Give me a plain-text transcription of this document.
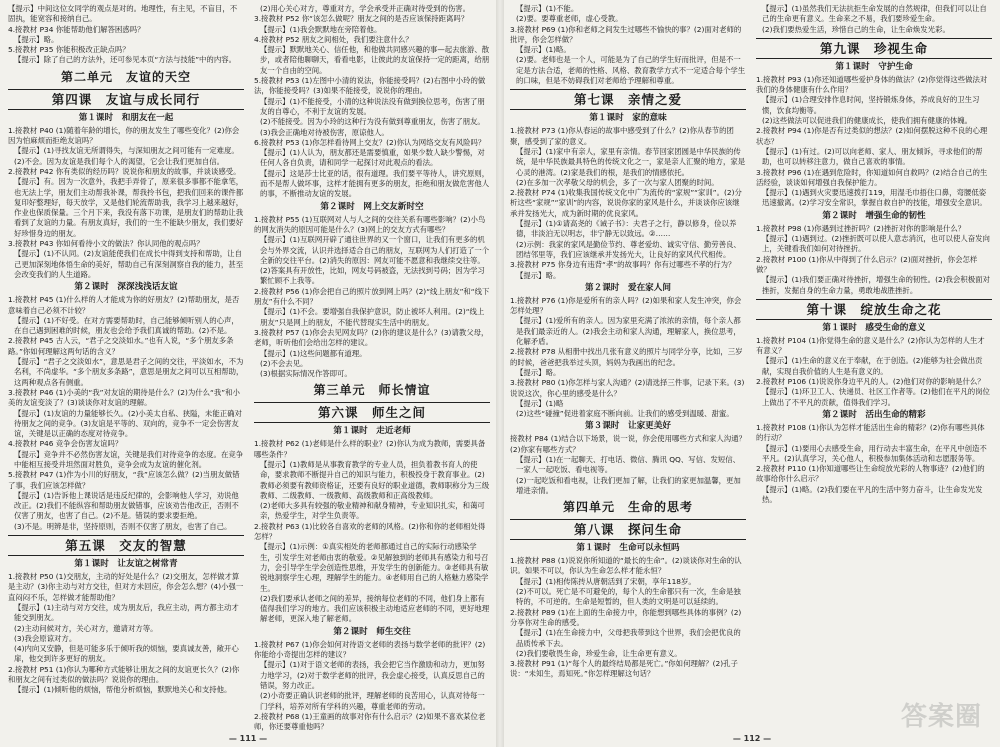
【提示】中间这位女同学的观点是对的。地理性，有主见，不盲目，不固执，能宽容和接纳自己。

4.接教材 P34 你能帮助他们解答困惑吗？

【提示】略。

5.接教材 P35 你能积极改正缺点吗？

【提示】除了自己的方法外，还可参见本页“方法与技能”中的内容。

第二单元　友谊的天空
第四课　友谊与成长同行
第１课时　和朋友在一起

1.接教材 P40 (1)随着年龄的增长，你的朋友发生了哪些变化？(2)你会因为怕麻烦而拒绝友谊吗？

【提示】(1)寻找友谊无所谓得失，与深知朋友之间可能有一定难度。(2)不会。因为友谊是我们每个人的渴望，它会让我们更加自信。

2.接教材 P42 你有类似的经历吗？说说你和朋友的故事，并谈谈感受。

【提示】有。因为一次意外，我把手弄骨了，原来很多事都不能拿笔，也无法上学，朋友们主动帮我补课，帮我拎书包，把我们回来的课件都复印好整理好，每天放学，又是他们轮流帮助我，我学习上越来越好，作业也保质保量。三个月下来，我没有落下功课，是朋友们的帮助让我看到了友谊的力量。有朋友真好，我们的一生不能缺少朋友，我们要好好珍惜身边的朋友。

3.接教材 P43 你如何看待小文的做法？你认同他的观点吗？

【提示】(1)不认同。(2)友谊能使我们在成长中得到支持和帮助，让自己更加深刻地体悟生命的美好，帮助自己有深刻洞察自我的能力，甚至会改变我们的人生道路。

第２课时　深深浅浅话友谊

1.接教材 P45 (1)什么样的人才能成为你的好朋友？(2)帮助朋友，是否意味着自己必须不计较？

【提示】(1)不好受。在对方需要帮助时，自己能够倾听别人的心声，在自己遇到困难的时候，朋友也会给予我们真诚的帮助。(2)不是。

2.接教材 P45 古人云，“君子之交淡如水。”也有人说，“多个朋友多条路。”你如何理解这两句话的含义？

【提示】“君子之交淡如水”，意思是君子之间的交往，平淡如水，不为名利，不尚虚华。“多个朋友多条路”，意思是朋友之间可以互相帮助，这两种观点各有侧重。

3.接教材 P46 (1)小美的“我”对友谊的期待是什么？(2)为什么“我”和小美的友谊变淡了？(3)谈谈你对友谊的理解。

【提示】(1)友谊的力量能够长久。(2)小美太自私、狭隘，未能正确对待朋友之间的竞争。(3)友谊是平等的、双向的，竞争不一定会伤害友谊，关键是以正确的态度对待竞争。

4.接教材 P46 竞争会伤害友谊吗？

【提示】竞争并不必然伤害友谊，关键是我们对待竞争的态度。在竞争中能相互接受并坦然面对胜负，竞争会成为友谊的催化剂。

5.接教材 P47 (1)作为小川的好朋友，“我”应该怎么做？(2)当朋友做错了事，我们应该怎样做？

【提示】(1)告诉他上课说话是违反纪律的，会影响他人学习，劝说他改正。(2)我们不能纵容和帮助朋友做错事，应该劝告他改正，否则不仅害了朋友，也害了自己。(2)不是。错误的要求要拒绝。

(3)不是。明辨是非，坚持原则，否则不仅害了朋友，也害了自己。

第五课　交友的智慧
第１课时　让友谊之树常青

1.接教材 P50 (1)交朋友，主动的好处是什么？(2)交朋友，怎样做才算是主动？(3)你主动与对方交往，但对方未回应，你会怎么想？(4)小强一直闷闷不乐，怎样做才能帮助他？

【提示】(1)主动与对方交往，成为朋友后，我应主动，两方都主动才能交到朋友。

(2)主动问候对方，关心对方，邀请对方等。

(3)我会原谅对方。

(4)内向又安静，但是可能多乐于倾听我的烦恼，要真诚友善，敞开心扉，他交到许多更好的朋友。

2.接教材 P51 (1)你认为哪种方式能够让朋友之间的友谊更长久？(2)你和朋友之间有过类似的做法吗？说说你的理由。

【提示】(1)倾听他的烦恼，帮他分析烦恼，默默地关心和支持他。

(2)用心关心对方，尊重对方，学会承受并正确对待受到的伤害。

3.接教材 P52 你“该怎么做呢？朋友之间的是否应该保持距离吗？

【提示】(1)我会默默地在旁陪着他。

4.接教材 P52 朋友之间相处，我们要注意什么？

【提示】默默地关心、信任他，和他做共同感兴趣的事—起去旅游、散步，或者陪他聊聊天，看看电影，让彼此的友谊保持一定的距离，给朋友一个自由的空间。

5.接教材 P53 (1)左图中小清的说法，你能接受吗？(2)右图中小玲的做法，你能接受吗？(3)如果不能接受，说说你的理由。

【提示】(1)不能接受，小清的这种说法没有做到换位思考，伤害了朋友的自尊心，不利于友谊的发展。

(2)不能接受。因为小玲的这种行为没有做到尊重朋友，伤害了朋友。

(3)我会正确地对待被伤害，原谅他人。

6.接教材 P53 (1)你怎样看待网上交友？(2)你认为网络交友有风险吗？

【提示】(1)人认为，朋友都还是需要慎重，如果少数人缺少警惕，对任何人各自负责，请和同学一起探讨对此观点的看法。

【提示】这是莎士比亚的话，很有道理。我们要平等待人，讲究原则，而不是帮人做坏事，这样才能拥有更多的朋友，拒绝和朋友做危害他人的事，不断推动友谊的发展。

第２课时　网上交友新时空

1.接教材 P55 (1)互联网对人与人之间的交往关系有哪些影响？(2)小鸟的网友消失的原因可能是什么？(3)网上的交友方式有哪些？

【提示】(1)互联网开辟了通往世界的又一个窗口，让我们有更多的机会与外界交流，认识并选择适合自己的朋友，互联网为人们打造了一个全新的交往平台。(2)消失的原因：网友可能不愿意和我继续交往等。

(2)答案具有开放性，比如，网友号码被盗，无法找到号码；因为学习繁忙顾不上我等。

2.接教材 P56 (1)你会把自己的照片放到网上吗？(2)“线上朋友”和“线下朋友”有什么不同？

【提示】(1)不会。要增强自我保护意识，防止被坏人利用。(2)“线上朋友”只是网上的朋友，不能代替现实生活中的朋友。

3.接教材 P57 (1)你会去见网友吗？(2)你的建议是什么？(3)请教父母，老师，听听他们会给出怎样的建议。

【提示】(1)这些问题都有道理。

(2)不会去见。

(3)根据实际情况作答即可。

第三单元　师长情谊
第六课　师生之间
第１课时　走近老师

1.接教材 P62 (1)老师是什么样的职业？(2)你认为成为教师，需要具备哪些条件？

【提示】(1)教师是从事教育教学的专业人员，担负着教书育人的使命，要求教师不断提升自己的知识与能力，积极投身于教育事业。(2)教师必须要有教师资格证，还要有良好的职业道德，教师职称分为三级教师、二级教师、一级教师、高级教师和正高级教师。

(2)老师大多具有较强的敬业精神和献身精神，专业知识扎实，和蔼可亲，热爱学生，对学生负责等。

2.接教材 P63 (1)比较各自喜欢的老师的风格。(2)你和你的老师相处得怎样？

【提示】(1)示例：①真实相处的老师都通过自己的实际行动感染学生，引发学生对老师由衷的敬爱。②见解独到的老师具有感染力和号召力，会引导学生学会创造性思维，开发学生的创新能力。③老师具有敏锐地洞察学生心理，理解学生的能力。④老师用自己的人格魅力感染学生。

(2)我们要承认老师之间的差异，接纳每位老师的不同，他们身上都有值得我们学习的地方。我们应该积极主动地适应老师的不同，更好地理解老师，更深入地了解老师。

第２课时　师生交往

1.接教材 P67 (1)你会如何对待语文老师的表扬与数学老师的批评？(2)你能给小奇提出怎样的建议？

【提示】(1)对于语文老师的表扬，我会把它当作激励和动力，更加努力地学习，(2)对于数学老师的批评，我会虚心接受，认真反思自己的错误，努力改正。

(2)小奇要正确认识老师的批评，理解老师的良苦用心，认真对待每一门学科，培养对所有学科的兴趣，尊重老师的劳动。

2.接教材 P68 (1)王童画的故事对你有什么启示？(2)如果不喜欢某位老师，你还要尊重他吗？

— 111 —

【提示】(1)不能。

(2)要。要尊重老师，虚心受教。

3.接教材 P69 (1)你和老师之间发生过哪些不愉快的事？(2)面对老师的批评，你会怎样做？

【提示】(1)略。

(2)要。老师也是一个人，可能是为了自己的学生好而批评，但是不一定是方法合适，老师的性格、风格、教育教学方式不一定适合每个学生的口味，但是不妨碍我们对老师给予理解和尊重。

第七课　亲情之爱
第１课时　家的意味

1.接教材 P73 (1)你从春运的故事中感受到了什么？(2)你从春节的团聚，感受到了家的意义。

【提示】(1)家中有亲人，家里有亲情。春节回家团圆是中华民族的传统，是中华民族最具特色的传统文化之一，家是亲人汇聚的地方，家是心灵的港湾。(2)家是我们的根，是我们的情感依托。

(2)在多加一次孝敬父母的机会，多了一次与家人团聚的时间。

2.接教材 P74 (1)收集我国传统文化中广为流传的“家规”“家训”。(2)分析这些“家规”“家训”的内容，说说你家的家风是什么，并谈谈你应该继承并发扬光大，成为新时期的优良家风。

【提示】(1)①请高尧的《诫子书》：夫君子之行，静以修身，俭以养德，非淡泊无以明志，非宁静无以致远。②……

(2)示例：我家的家风是勤俭节约、尊老爱幼、诚实守信、勤劳善良、团结邻里等，我们应该继承并发扬光大，让良好的家风代代相传。

3.接教材 P75 你身边有违背“孝”的故事吗？你有过哪些不孝的行为？

【提示】略。

第２课时　爱在家人间

1.接教材 P76 (1)你是爱所有的亲人吗？(2)如果和家人发生冲突，你会怎样处理？

【提示】(1)爱所有的亲人。因为家里充满了浓浓的亲情，每个亲人都是我们最亲近的人。(2)我会主动和家人沟通，理解家人，换位思考，化解矛盾。

2.接教材 P78 从相册中找出几张有意义的照片与同学分享，比如，三岁的时候，爸爸把我举过头顶，妈妈为我画出的纪念。

【提示】略。

3.接教材 P80 (1)你怎样与家人沟通？(2)请选择三件事，记录下来。(3)说说这次，你心里的感受是什么？

【提示】(1)略

(2)这些“碰撞”促进着家庭不断向前。让我们的感受到温暖、甜蜜。

第３课时　让家更美好

接教材 P84 (1)结合以下场景，说一说，你会使用哪些方式和家人沟通？(2)你家有哪些方式？

【提示】(1)在一起聊天、打电话、微信、腾讯 QQ、写信、发短信、一家人一起吃饭、看电视等。

(2)一起吃饭和看电视，让我们更加了解，让我们的家更加温馨，更加增进亲情。

第四单元　生命的思考
第八课　探问生命
第１课时　生命可以永恒吗

1.接教材 P88 (1)说说你所知道的“最长的生命”。(2)谈谈你对生命的认识。如果不可以，你认为生命怎么样才能永恒？

【提示】(1)相传陈抟从唐朝活到了宋朝，享年118岁。

(2)不可以。死亡是不可避免的，每个人的生命都只有一次，生命是独特的，不可逆的。生命是短暂的，但人类的文明是可以延续的。

2.接教材 P89 (1)在上面的生命接力中，你能想到哪些具体的事例？(2)分享你对生命的感受。

【提示】(1)在生命接力中，父母把我带到这个世界，我们会把优良的品质传承下去。

(2)我们要敬畏生命，珍爱生命，让生命更有意义。

3.接教材 P91 (1)“每个人的最终结局都是死亡。”你如何理解？(2)孔子说：“未知生，焉知死。”你怎样理解这句话？

【提示】(1)虽然我们无法抗拒生命发展的自然规律，但我们可以让自己的生命更有意义。生命来之不易，我们要珍爱生命。

(2)我们要热爱生活，珍惜自己的生命，让生命焕发光彩。

第九课　珍视生命
第１课时　守护生命

1.接教材 P93 (1)你还知道哪些爱护身体的做法？(2)你觉得这些做法对我们的身体健康有什么作用？

【提示】(1)合理安排作息时间，坚持锻炼身体，养成良好的卫生习惯，饮食均衡等。

(2)这些做法可以促进我们的健康成长，使我们拥有健康的体魄。

2.接教材 P94 (1)你是否有过类似的想法？(2)如何摆脱这种不良的心理状态？

【提示】(1)有过。(2)可以向老师、家人、朋友倾诉，寻求他们的帮助，也可以转移注意力，做自己喜欢的事情。

3.接教材 P96 (1)在遇到危险时，你知道如何自救吗？(2)结合自己的生活经验，谈谈如何增强自我保护能力。

【提示】(1)遇到火灾要迅速拨打119，用湿毛巾捂住口鼻，弯腰低姿迅速撤离。(2)学习安全常识，掌握自救自护的技能，增强安全意识。

第２课时　增强生命的韧性

1.接教材 P98 (1)你遇到过挫折吗？(2)挫折对你的影响是什么？

【提示】(1)遇到过。(2)挫折既可以使人意志消沉，也可以使人奋发向上，关键看我们如何对待挫折。

2.接教材 P100 (1)你从中得到了什么启示？(2)面对挫折，你会怎样做？

【提示】(1)我们要正确对待挫折，增强生命的韧性。(2)我会积极面对挫折，发掘自身的生命力量，勇敢地战胜挫折。

第十课　绽放生命之花
第１课时　感受生命的意义

1.接教材 P104 (1)你觉得生命的意义是什么？(2)你认为怎样的人生才有意义？

【提示】(1)生命的意义在于奉献，在于创造。(2)能够为社会做出贡献，实现自我价值的人生是有意义的。

2.接教材 P106 (1)说说你身边平凡的人。(2)他们对你的影响是什么？

【提示】(1)环卫工人、快递员、社区工作者等。(2)他们在平凡的岗位上做出了不平凡的贡献，值得我们学习。

第２课时　活出生命的精彩

1.接教材 P108 (1)你认为怎样才能活出生命的精彩？(2)你有哪些具体的行动？

【提示】(1)要用心去感受生命，用行动去丰富生命，在平凡中创造不平凡。(2)认真学习，关心他人，积极参加集体活动和志愿服务等。

2.接教材 P110 (1)你知道哪些让生命绽放光彩的人物事迹？(2)他们的故事给你什么启示？

【提示】(1)略。(2)我们要在平凡的生活中努力奋斗，让生命发光发热。

— 112 —
答案圈
